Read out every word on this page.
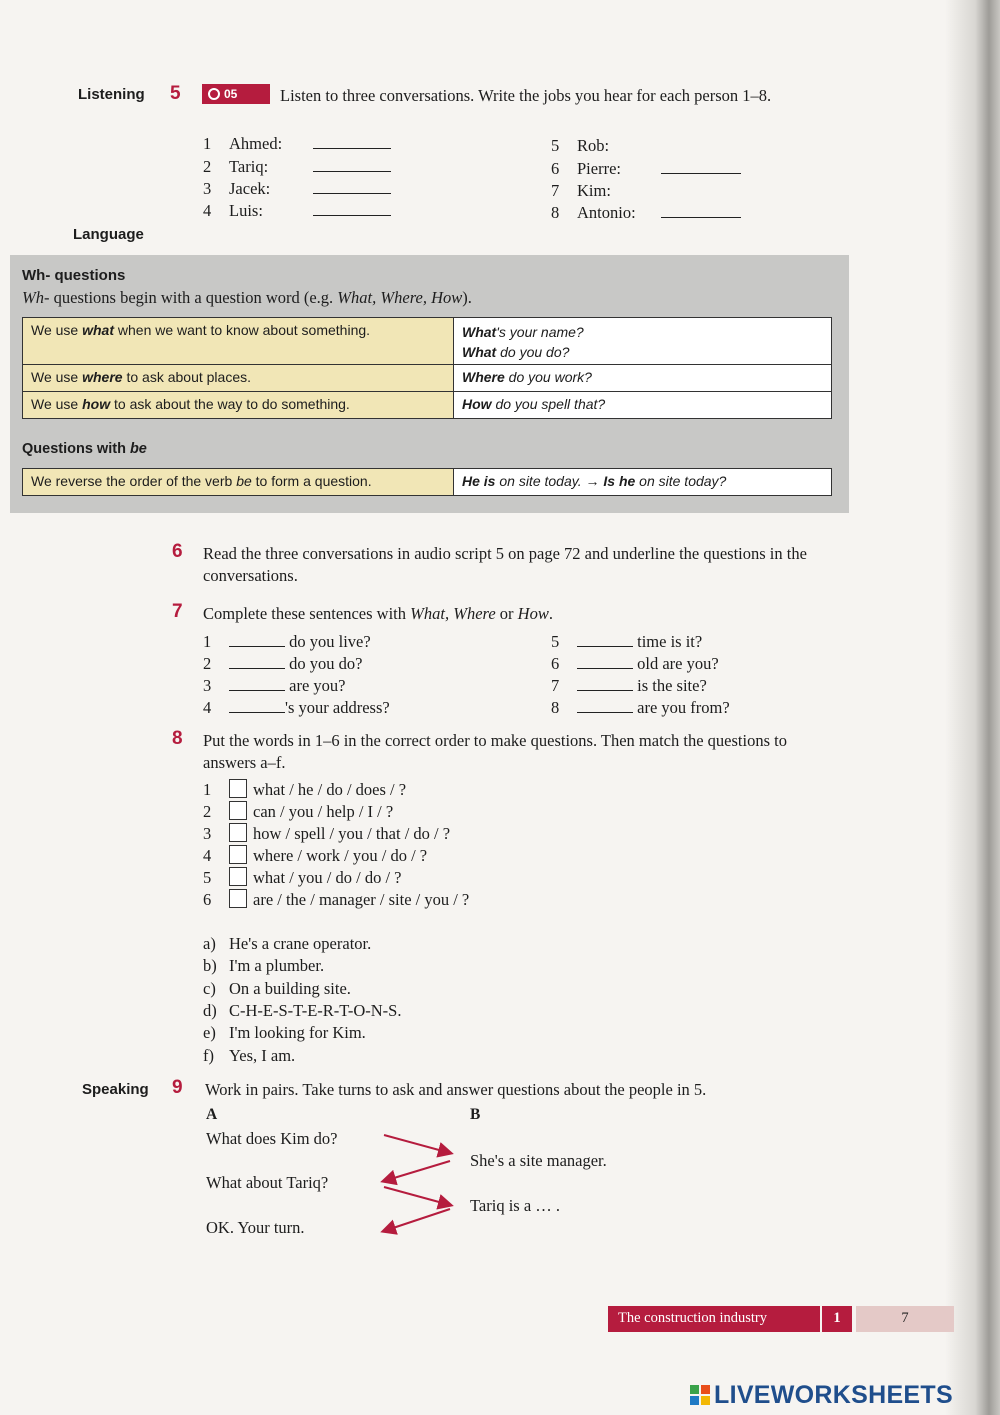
Listening 5	05	Listen to three conversations. Write the jobs you hear for each person 1–8.
1 Ahmed:
2 Tariq:
3 Jacek:
4 Luis:
5 Rob:
6 Pierre:
7 Kim:
8 Antonio:
Language
Wh- questions
Wh- questions begin with a question word (e.g. What, Where, How).
We use what when we want to know about something.	What's your name?
What do you do?
We use where to ask about places.	Where do you work?
We use how to ask about the way to do something.	How do you spell that?
Questions with be
We reverse the order of the verb be to form a question.	He is on site today. → Is he on site today?
6 Read the three conversations in audio script 5 on page 72 and underline the questions in the conversations.
7 Complete these sentences with What, Where or How.
1	do you live?
2	do you do?
3	are you?
4	's your address?
5	time is it?
6	old are you?
7	is the site?
8	are you from?
8 Put the words in 1–6 in the correct order to make questions. Then match the questions to answers a–f.
1	what / he / do / does / ?
2	can / you / help / I / ?
3	how / spell / you / that / do / ?
4	where / work / you / do / ?
5	what / you / do / do / ?
6	are / the / manager / site / you / ?
a) He's a crane operator.
b) I'm a plumber.
c) On a building site.
d) C-H-E-S-T-E-R-T-O-N-S.
e) I'm looking for Kim.
f) Yes, I am.
Speaking 9 Work in pairs. Take turns to ask and answer questions about the people in 5.
A	B
What does Kim do?
What about Tariq?
OK. Your turn.
She's a site manager.
Tariq is a … .
The construction industry	1	7
LIVEWORKSHEETS
